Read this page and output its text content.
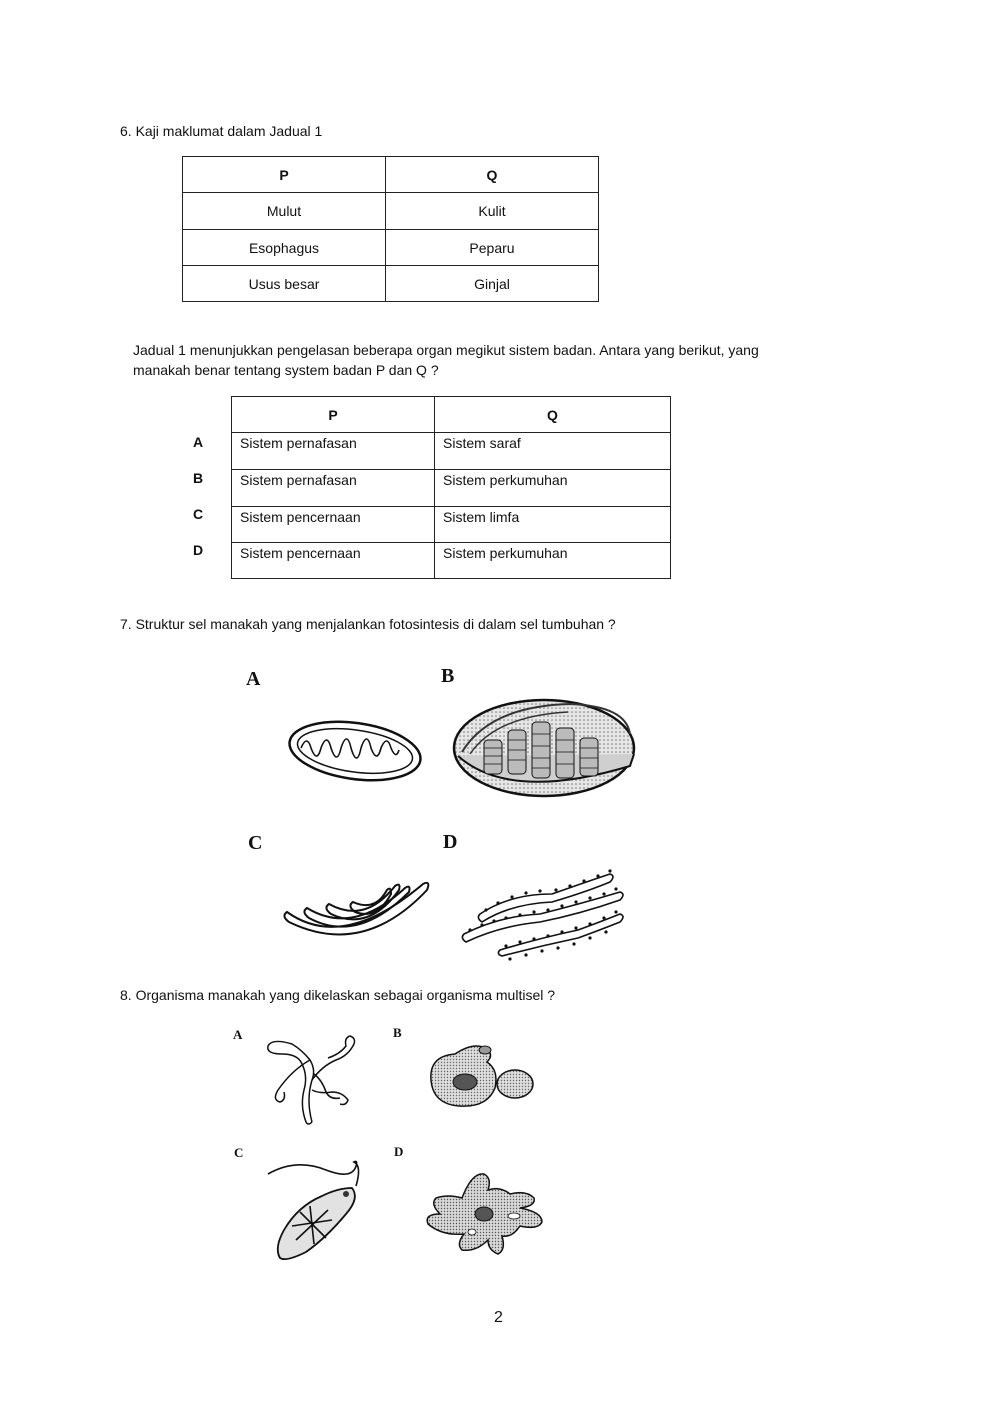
6. Kaji maklumat dalam Jadual 1
P	Q
Mulut	Kulit
Esophagus	Peparu
Usus besar	Ginjal
Jadual 1 menunjukkan pengelasan beberapa organ megikut sistem badan. Antara yang berikut, yang
manakah benar tentang system badan P dan Q ?
A
B
C
D
P	Q
Sistem pernafasan	Sistem saraf
Sistem pernafasan	Sistem perkumuhan
Sistem pencernaan	Sistem limfa
Sistem pencernaan	Sistem perkumuhan
7. Struktur sel manakah yang menjalankan fotosintesis di dalam sel tumbuhan ?
A	B
C	D
8. Organisma manakah yang dikelaskan sebagai organisma multisel ?
A	B
C	D
2
